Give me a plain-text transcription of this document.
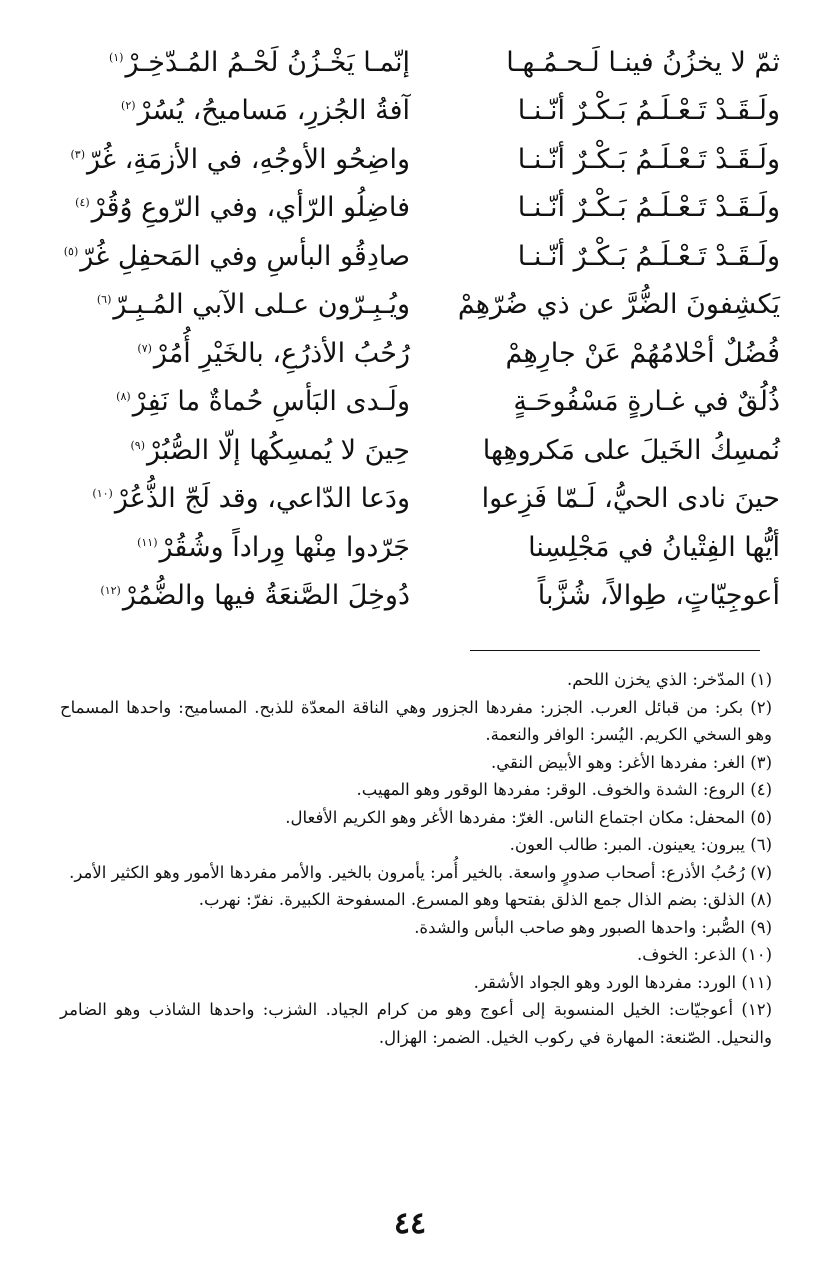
ثمّ لا يخزُنُ فينـا لَـحـمُـهـا
إنّمـا يَخْـزُنُ لَحْـمُ المُـدّخِـرْ$^{(١)}$
ولَـقَـدْ تَـعْـلَـمُ بَـكْـرٌ أنّـنـا
آفةُ الجُزرِ، مَساميحُ، يُسُرْ$^{(٢)}$
ولَـقَـدْ تَـعْـلَـمُ بَـكْـرٌ أنّـنـا
واضِحُو الأوجُهِ، في الأزمَةِ، غُرّ$^{(٣)}$
ولَـقَـدْ تَـعْـلَـمُ بَـكْـرٌ أنّـنـا
فاضِلُو الرّأي، وفي الرّوعِ وُقُرْ$^{(٤)}$
ولَـقَـدْ تَـعْـلَـمُ بَـكْـرٌ أنّـنـا
صادِقُو البأسِ وفي المَحفِلِ غُرّ$^{(٥)}$
يَكشِفونَ الضُّرَّ عن ذي ضُرّهِمْ
ويُـبِـرّون عـلى الآبي المُـبِـرّ$^{(٦)}$
فُضُلٌ أحْلامُهُمْ عَنْ جارِهِمْ
رُحُبُ الأذرُعِ، بالخَيْرِ أُمُرْ$^{(٧)}$
ذُلُقٌ في غـارةٍ مَسْفُوحَـةٍ
ولَـدى البَأسِ حُماةٌ ما نَفِرْ$^{(٨)}$
نُمسِكُ الخَيلَ على مَكروهِها
حِينَ لا يُمسِكُها إلّا الصُّبُرْ$^{(٩)}$
حينَ نادى الحيُّ، لَـمّا فَزِعوا
ودَعا الدّاعي، وقد لَجّ الذُّعُرْ$^{(١٠)}$
أيُّها الفِتْيانُ في مَجْلِسِنا
جَرّدوا مِنْها وِراداً وشُقُرْ$^{(١١)}$
أعوجِيّاتٍ، طِوالاً، شُزَّباً
دُوخِلَ الصَّنعَةُ فيها والضُّمُرْ$^{(١٢)}$
(١) المدّخر: الذي يخزن اللحم.
(٢) بكر: من قبائل العرب. الجزر: مفردها الجزور وهي الناقة المعدّة للذبح. المساميح: واحدها المسماح وهو السخي الكريم. اليُسر: الوافر والنعمة.
(٣) الغر: مفردها الأغر: وهو الأبيض النقي.
(٤) الروع: الشدة والخوف. الوقر: مفردها الوقور وهو المهيب.
(٥) المحفل: مكان اجتماع الناس. الغرّ: مفردها الأغر وهو الكريم الأفعال.
(٦) يبرون: يعينون. المبر: طالب العون.
(٧) رُحُبُ الأذرع: أصحاب صدورٍ واسعة. بالخير أُمر: يأمرون بالخير. والأمر مفردها الأمور وهو الكثير الأمر.
(٨) الذلق: بضم الذال جمع الذلق بفتحها وهو المسرع. المسفوحة الكبيرة. نفرّ: نهرب.
(٩) الصُّبر: واحدها الصبور وهو صاحب البأس والشدة.
(١٠) الذعر: الخوف.
(١١) الورد: مفردها الورد وهو الجواد الأشقر.
(١٢) أعوجيّات: الخيل المنسوبة إلى أعوج وهو من كرام الجياد. الشزب: واحدها الشاذب وهو الضامر والنحيل. الصّنعة: المهارة في ركوب الخيل. الضمر: الهزال.
٤٤
